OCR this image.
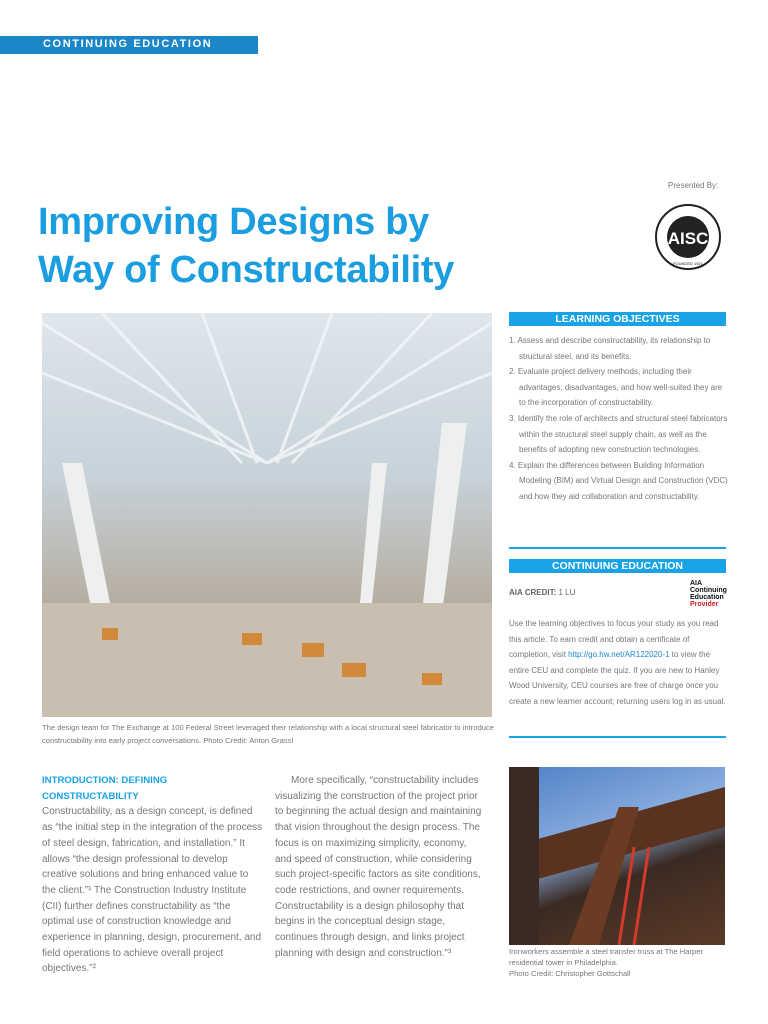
CONTINUING EDUCATION
Presented By:
AISC
FOUNDED 1921
Improving Designs by
Way of Constructability
The design team for The Exchange at 100 Federal Street leveraged their relationship with a local structural steel fabricator to introduce constructability into early project conversations. Photo Credit: Anton Grassl
LEARNING OBJECTIVES
1. Assess and describe constructability, its relationship to structural steel, and its benefits.
2. Evaluate project delivery methods, including their advantages, disadvantages, and how well-suited they are to the incorporation of constructability.
3. Identify the role of architects and structural steel fabricators within the structural steel supply chain, as well as the benefits of adopting new construction technologies.
4. Explain the differences between Building Information Modeling (BIM) and Virtual Design and Construction (VDC) and how they aid collaboration and constructability.
CONTINUING EDUCATION
AIA CREDIT: 1 LU
AIA
Continuing
Education
Provider
Use the learning objectives to focus your study as you read this article. To earn credit and obtain a certificate of completion, visit http://go.hw.net/AR122020-1 to view the entire CEU and complete the quiz. If you are new to Hanley Wood University, CEU courses are free of charge once you create a new learner account; returning users log in as usual.
INTRODUCTION: DEFINING CONSTRUCTABILITY
Constructability, as a design concept, is defined as “the initial step in the integration of the process of steel design, fabrication, and installation.” It allows “the design professional to develop creative solutions and bring enhanced value to the client.”¹ The Construction Industry Institute (CII) further defines constructability as “the optimal use of construction knowledge and experience in planning, design, procurement, and field operations to achieve overall project objectives.”²
More specifically, “constructability includes visualizing the construction of the project prior to beginning the actual design and maintaining that vision throughout the design process. The focus is on maximizing simplicity, economy, and speed of construction, while considering such project-specific factors as site conditions, code restrictions, and owner requirements. Constructability is a design philosophy that begins in the conceptual design stage, continues through design, and links project planning with design and construction.”³	Ironworkers assemble a steel transfer truss at The Harper residential tower in Philadelphia.
Photo Credit: Christopher Gottschall
